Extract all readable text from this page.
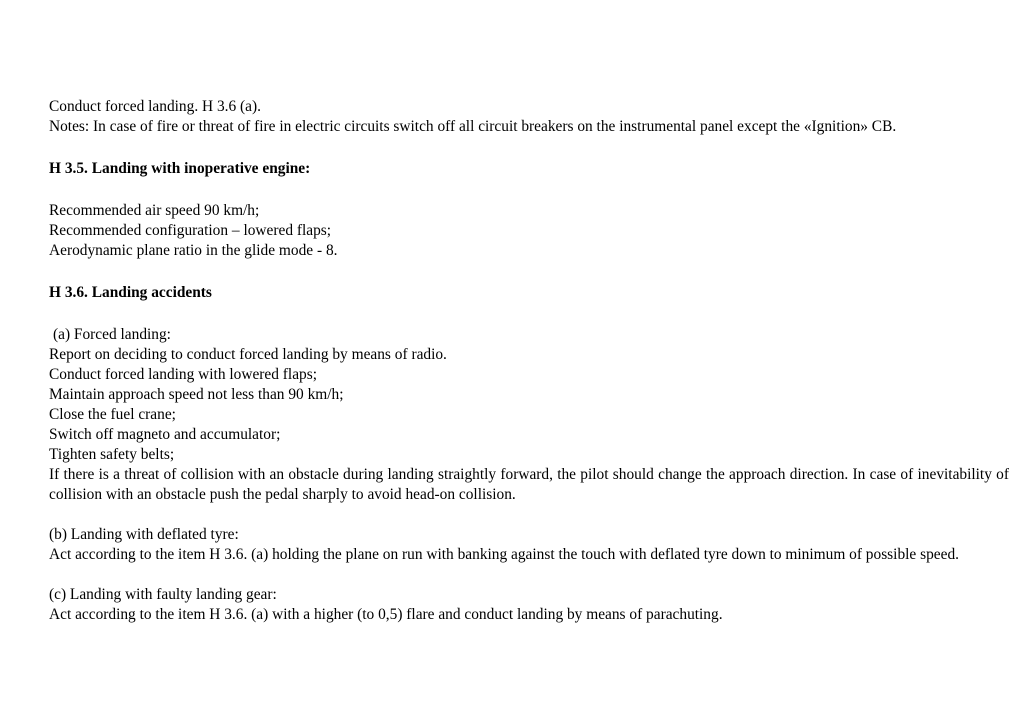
Conduct forced landing. H 3.6 (a).

Notes: In case of fire or threat of fire in electric circuits switch off all circuit breakers on the instrumental panel except the «Ignition» CB.

H 3.5. Landing with inoperative engine:

Recommended air speed 90 km/h;

Recommended configuration – lowered flaps;

Aerodynamic plane ratio in the glide mode - 8.

H 3.6. Landing accidents

(a) Forced landing:

Report on deciding to conduct forced landing by means of radio.

Conduct forced landing with lowered flaps;

Maintain approach speed not less than 90 km/h;

Close the fuel crane;

Switch off magneto and accumulator;

Tighten safety belts;

If there is a threat of collision with an obstacle during landing straightly forward, the pilot should change the approach direction. In case of inevitability of collision with an obstacle push the pedal sharply to avoid head-on collision.

(b) Landing with deflated tyre:

Act according to the item H 3.6. (a) holding the plane on run with banking against the touch with deflated tyre down to minimum of possible speed.

(c) Landing with faulty landing gear:

Act according to the item H 3.6. (a) with a higher (to 0,5) flare and conduct landing by means of parachuting.
